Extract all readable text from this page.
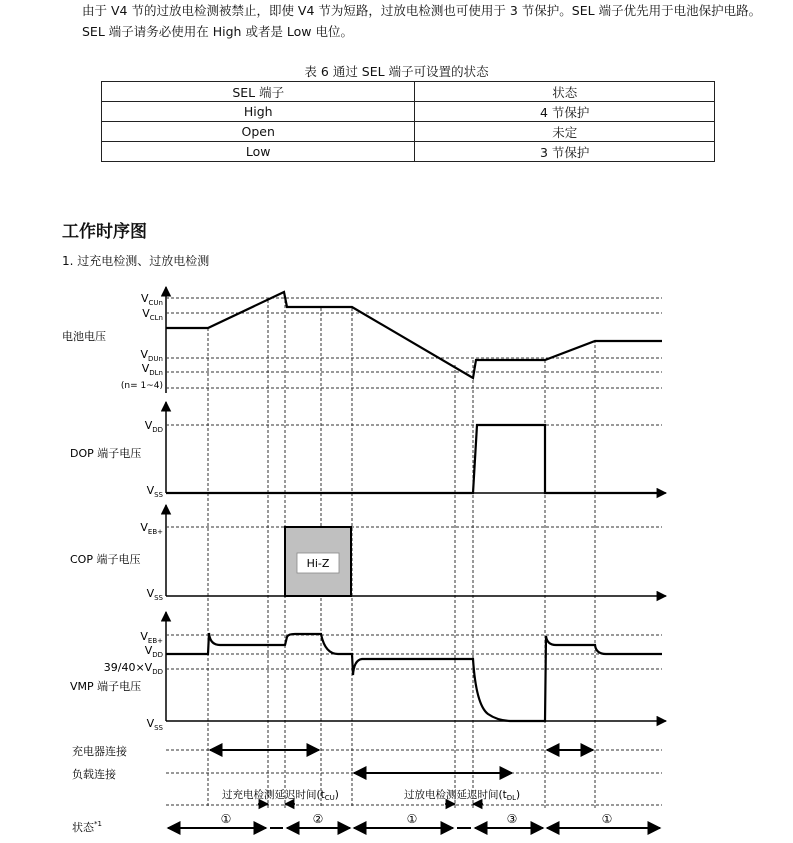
由于 V4 节的过放电检测被禁止，即使 V4 节为短路，过放电检测也可使用于 3 节保护。SEL 端子优先用于电池保护电路。SEL 端子请务必使用在 High 或者是 Low 电位。

表 6 通过 SEL 端子可设置的状态
SEL 端子	状态
High	4 节保护
Open	未定
Low	3 节保护
工作时序图

1. 过充电检测、过放电检测

$V_{CUn}$
$V_{CLn}$
$V_{DUn}$
$V_{DLn}$
(n= 1~4)
电池电压
$V_{DD}$
$V_{SS}$
DOP 端子电压
Hi-Z
$V_{EB+}$
$V_{SS}$
COP 端子电压
$V_{EB+}$
$V_{DD}$
$39/40\times V_{DD}$
$V_{SS}$
VMP 端子电压
充电器连接
负载连接
过充电检测延迟时间(tCU)	过放电检测延迟时间(tDL)
①	②	①	③	①
状态$^{*1}$
